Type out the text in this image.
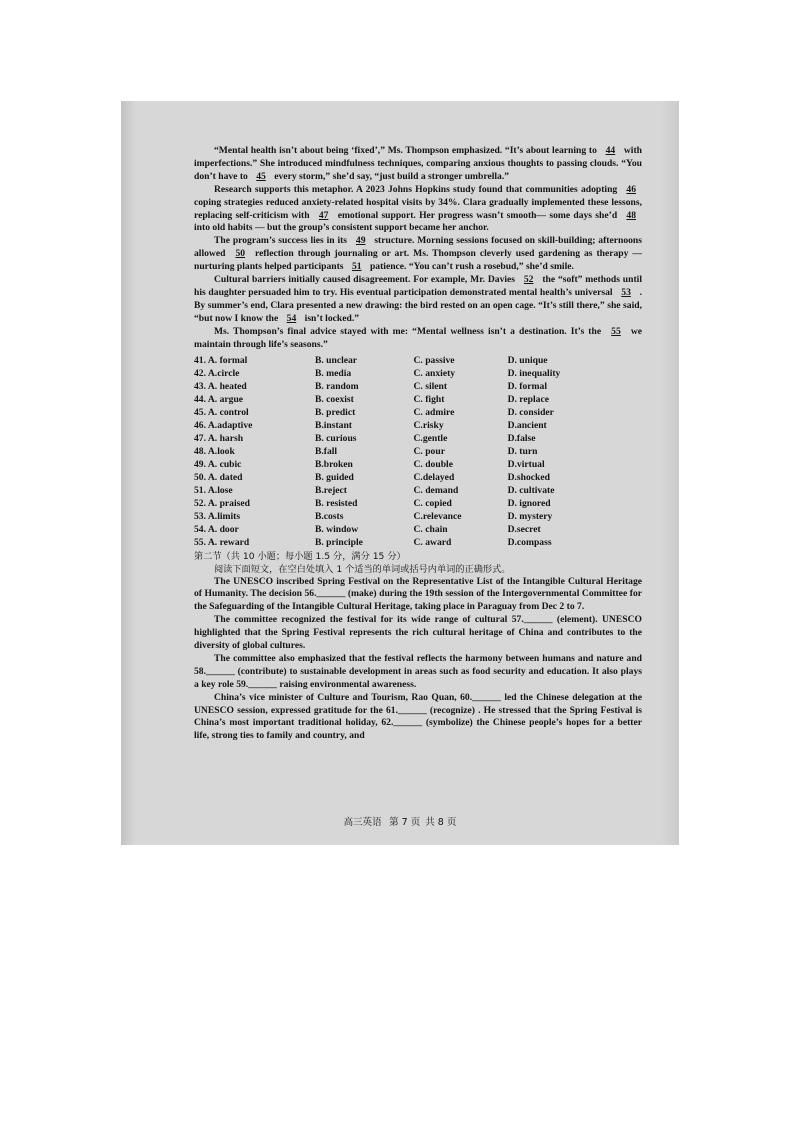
“Mental health isn’t about being ‘fixed’,” Ms. Thompson emphasized. “It’s about learning to 44 with imperfections.” She introduced mindfulness techniques, comparing anxious thoughts to passing clouds. “You don’t have to 45 every storm,” she’d say, “just build a stronger umbrella.”

Research supports this metaphor. A 2023 Johns Hopkins study found that communities adopting 46 coping strategies reduced anxiety-related hospital visits by 34%. Clara gradually implemented these lessons, replacing self-criticism with 47 emotional support. Her progress wasn’t smooth— some days she’d 48 into old habits — but the group’s consistent support became her anchor.

The program’s success lies in its 49 structure. Morning sessions focused on skill-building; afternoons allowed 50 reflection through journaling or art. Ms. Thompson cleverly used gardening as therapy — nurturing plants helped participants 51 patience. “You can’t rush a rosebud,” she’d smile.

Cultural barriers initially caused disagreement. For example, Mr. Davies 52 the “soft” methods until his daughter persuaded him to try. His eventual participation demonstrated mental health’s universal 53 . By summer’s end, Clara presented a new drawing: the bird rested on an open cage. “It’s still there,” she said, “but now I know the 54 isn’t locked.”

Ms. Thompson’s final advice stayed with me: “Mental wellness isn’t a destination. It’s the 55 we maintain through life’s seasons.”

41. A. formal	B. unclear	C. passive	D. unique
42. A.circle	B. media	C. anxiety	D. inequality
43. A. heated	B. random	C. silent	D. formal
44. A. argue	B. coexist	C. fight	D. replace
45. A. control	B. predict	C. admire	D. consider
46. A.adaptive	B.instant	C.risky	D.ancient
47. A. harsh	B. curious	C.gentle	D.false
48. A.look	B.fall	C. pour	D. turn
49. A. cubic	B.broken	C. double	D.virtual
50. A. dated	B. guided	C.delayed	D.shocked
51. A.lose	B.reject	C. demand	D. cultivate
52. A. praised	B. resisted	C. copied	D. ignored
53. A.limits	B.costs	C.relevance	D. mystery
54. A. door	B. window	C. chain	D.secret
55. A. reward	B. principle	C. award	D.compass
第二节（共 10 小题；每小题 1.5 分，满分 15 分）
阅读下面短文，在空白处填入 1 个适当的单词或括号内单词的正确形式。

The UNESCO inscribed Spring Festival on the Representative List of the Intangible Cultural Heritage of Humanity. The decision 56.______ (make) during the 19th session of the Intergovernmental Committee for the Safeguarding of the Intangible Cultural Heritage, taking place in Paraguay from Dec 2 to 7.

The committee recognized the festival for its wide range of cultural 57.______ (element). UNESCO highlighted that the Spring Festival represents the rich cultural heritage of China and contributes to the diversity of global cultures.

The committee also emphasized that the festival reflects the harmony between humans and nature and 58.______ (contribute) to sustainable development in areas such as food security and education. It also plays a key role 59.______ raising environmental awareness.

China’s vice minister of Culture and Tourism, Rao Quan, 60.______ led the Chinese delegation at the UNESCO session, expressed gratitude for the 61.______ (recognize) . He stressed that the Spring Festival is China’s most important traditional holiday, 62.______ (symbolize) the Chinese people’s hopes for a better life, strong ties to family and country, and

高三英语 第 7 页 共 8 页
